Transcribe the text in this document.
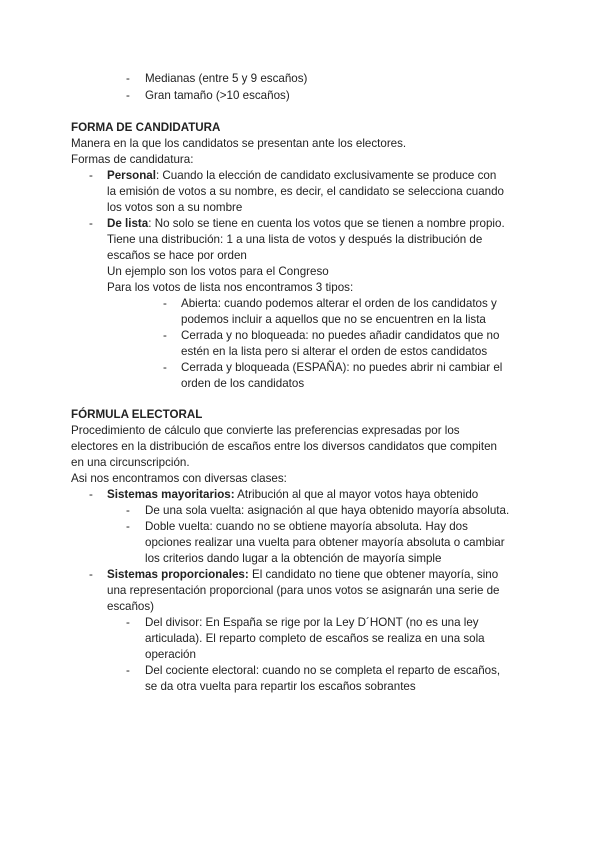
- Medianas (entre 5 y 9 escaños)
- Gran tamaño (>10 escaños)
FORMA DE CANDIDATURA
Manera en la que los candidatos se presentan ante los electores.
Formas de candidatura:
- Personal: Cuando la elección de candidato exclusivamente se produce con
la emisión de votos a su nombre, es decir, el candidato se selecciona cuando
los votos son a su nombre
- De lista: No solo se tiene en cuenta los votos que se tienen a nombre propio.
Tiene una distribución: 1 a una lista de votos y después la distribución de
escaños se hace por orden
Un ejemplo son los votos para el Congreso
Para los votos de lista nos encontramos 3 tipos:
- Abierta: cuando podemos alterar el orden de los candidatos y
podemos incluir a aquellos que no se encuentren en la lista
- Cerrada y no bloqueada: no puedes añadir candidatos que no
estén en la lista pero si alterar el orden de estos candidatos
- Cerrada y bloqueada (ESPAÑA): no puedes abrir ni cambiar el
orden de los candidatos
FÓRMULA ELECTORAL
Procedimiento de cálculo que convierte las preferencias expresadas por los
electores en la distribución de escaños entre los diversos candidatos que compiten
en una circunscripción.
Asi nos encontramos con diversas clases:
- Sistemas mayoritarios: Atribución al que al mayor votos haya obtenido
- De una sola vuelta: asignación al que haya obtenido mayoría absoluta.
- Doble vuelta: cuando no se obtiene mayoría absoluta. Hay dos
opciones realizar una vuelta para obtener mayoría absoluta o cambiar
los criterios dando lugar a la obtención de mayoría simple
- Sistemas proporcionales: El candidato no tiene que obtener mayoría, sino
una representación proporcional (para unos votos se asignarán una serie de
escaños)
- Del divisor: En España se rige por la Ley D´HONT (no es una ley
articulada). El reparto completo de escaños se realiza en una sola
operación
- Del cociente electoral: cuando no se completa el reparto de escaños,
se da otra vuelta para repartir los escaños sobrantes
